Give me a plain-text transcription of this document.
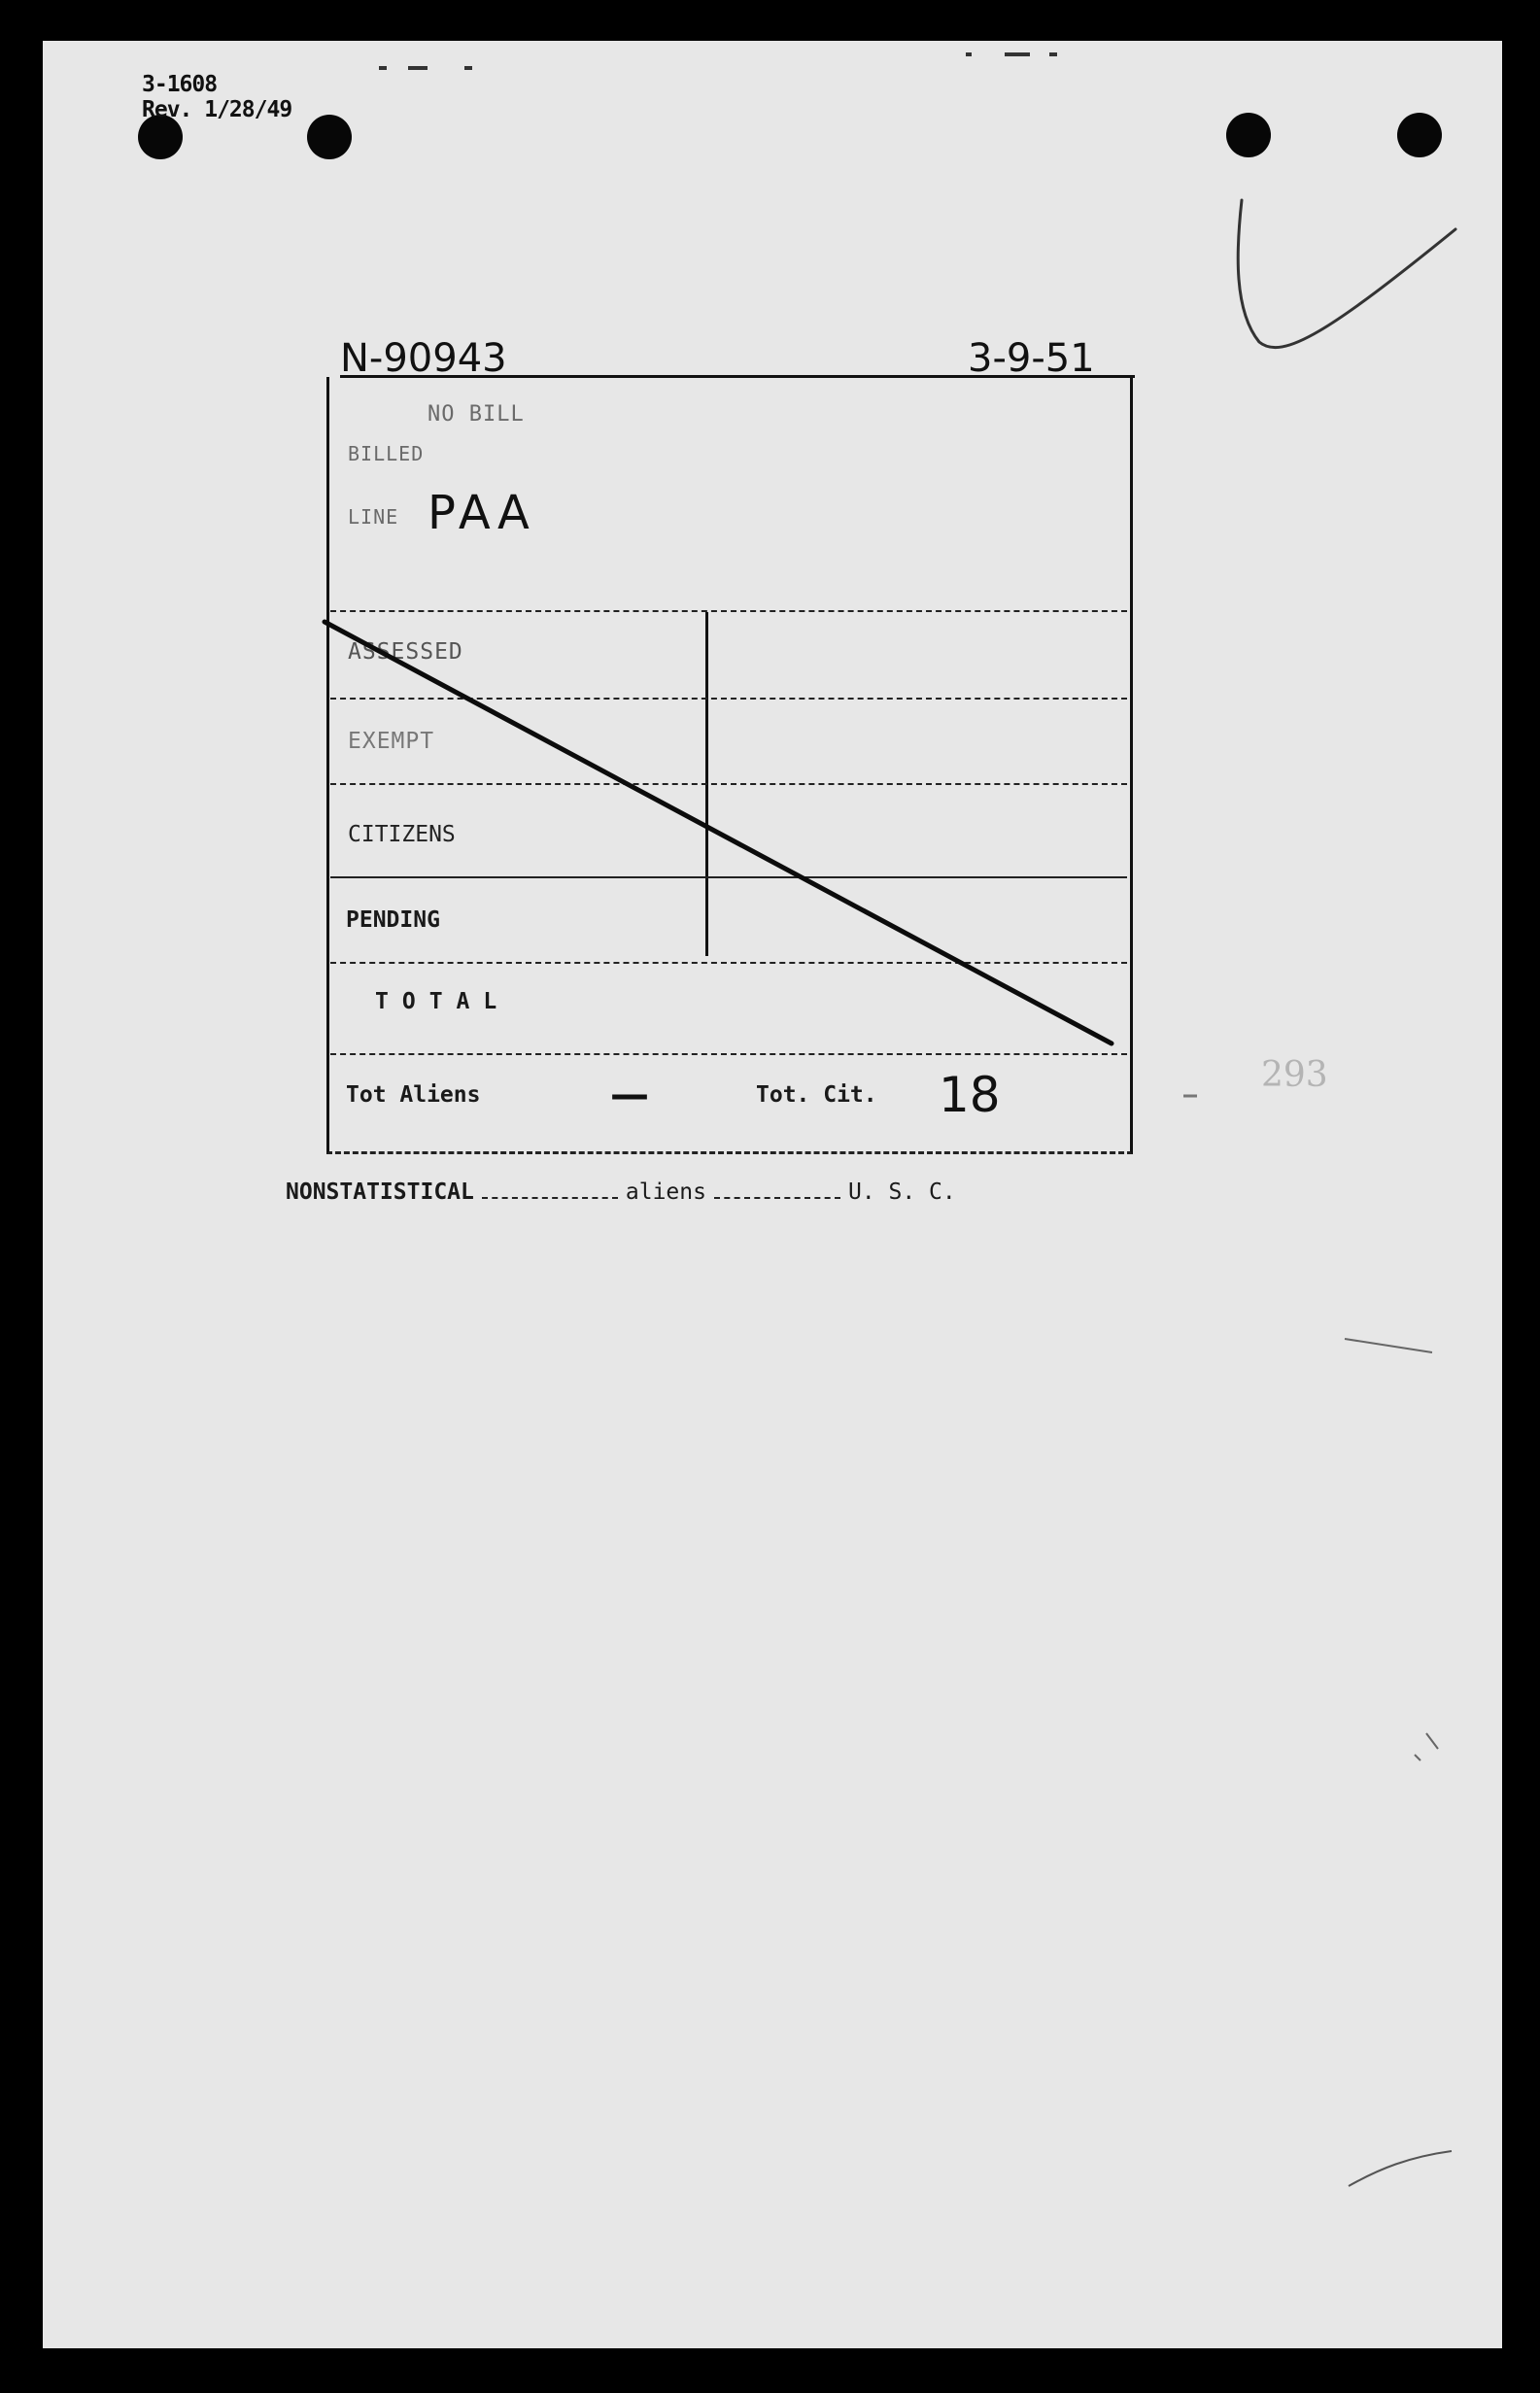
3-1608
Rev. 1/28/49
N-90943	3-9-51
NO BILL
BILLED
LINE PAA
ASSESSED
EXEMPT
CITIZENS
PENDING
TOTAL
Tot Aliens	—	Tot. Cit. 18
NONSTATISTICAL	aliens	U. S. C.
293
